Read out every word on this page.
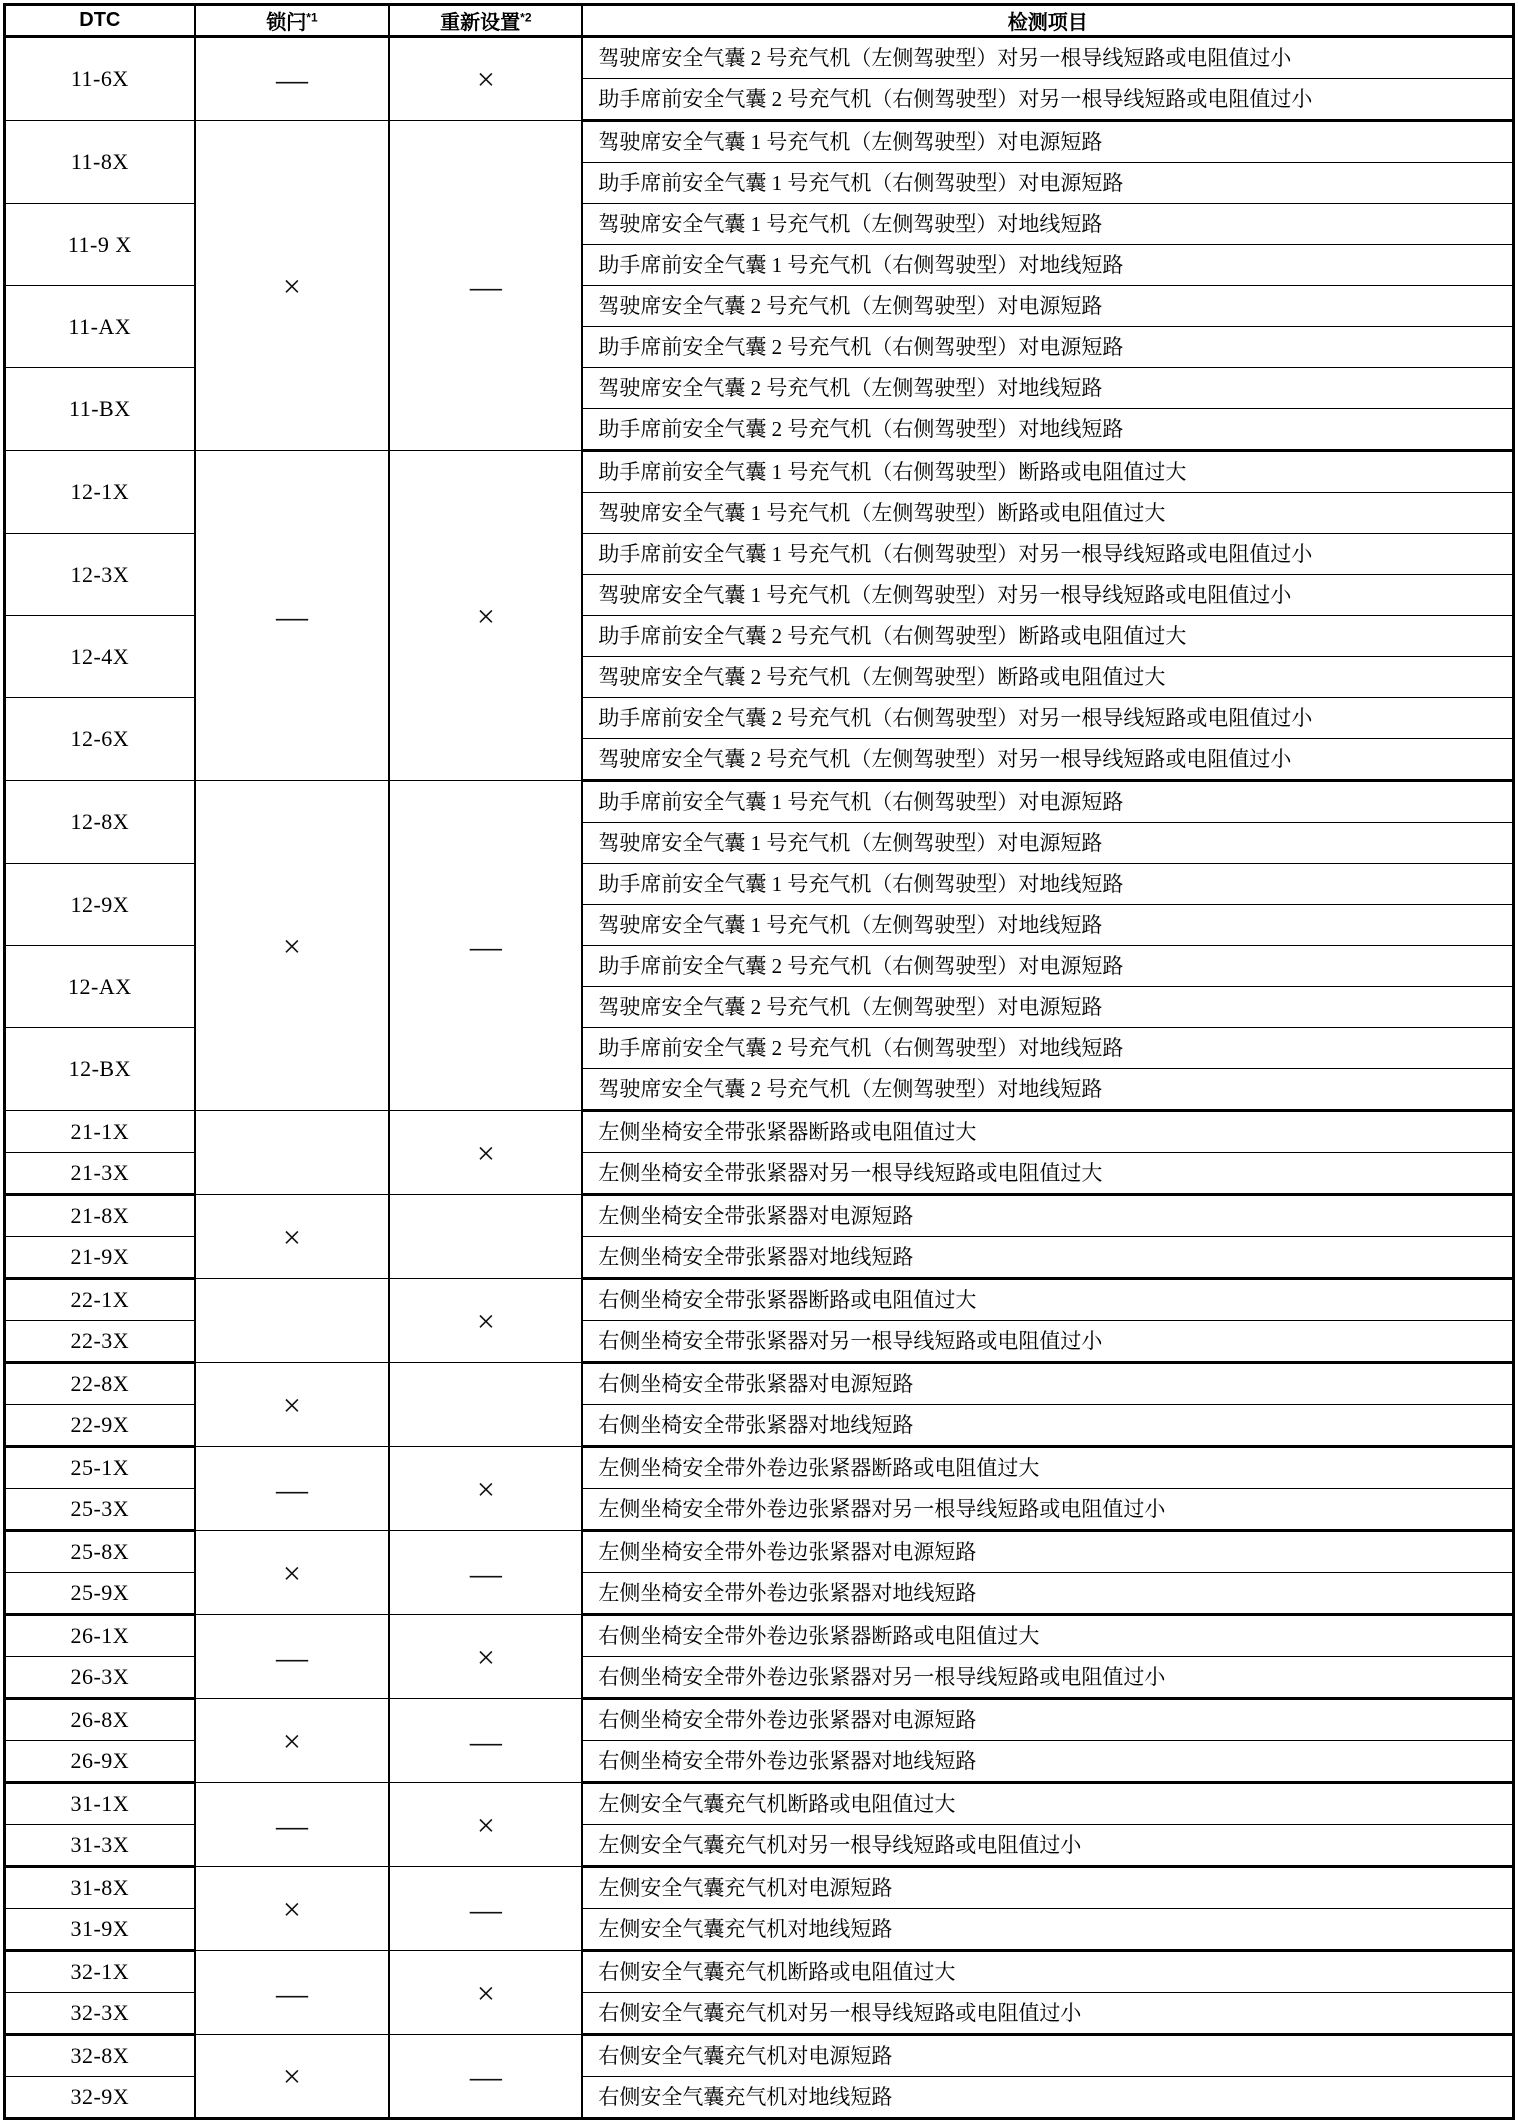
DTC	锁闩$^{*1}$	重新设置$^{*2}$	检测项目
11-6X	—	×	驾驶席安全气囊 2 号充气机（左侧驾驶型）对另一根导线短路或电阻值过小
			助手席前安全气囊 2 号充气机（右侧驾驶型）对另一根导线短路或电阻值过小
11-8X	×	—	驾驶席安全气囊 1 号充气机（左侧驾驶型）对电源短路
			助手席前安全气囊 1 号充气机（右侧驾驶型）对电源短路
11-9 X			驾驶席安全气囊 1 号充气机（左侧驾驶型）对地线短路
			助手席前安全气囊 1 号充气机（右侧驾驶型）对地线短路
11-AX			驾驶席安全气囊 2 号充气机（左侧驾驶型）对电源短路
			助手席前安全气囊 2 号充气机（右侧驾驶型）对电源短路
11-BX			驾驶席安全气囊 2 号充气机（左侧驾驶型）对地线短路
			助手席前安全气囊 2 号充气机（右侧驾驶型）对地线短路
12-1X	—	×	助手席前安全气囊 1 号充气机（右侧驾驶型）断路或电阻值过大
			驾驶席安全气囊 1 号充气机（左侧驾驶型）断路或电阻值过大
12-3X			助手席前安全气囊 1 号充气机（右侧驾驶型）对另一根导线短路或电阻值过小
			驾驶席安全气囊 1 号充气机（左侧驾驶型）对另一根导线短路或电阻值过小
12-4X			助手席前安全气囊 2 号充气机（右侧驾驶型）断路或电阻值过大
			驾驶席安全气囊 2 号充气机（左侧驾驶型）断路或电阻值过大
12-6X			助手席前安全气囊 2 号充气机（右侧驾驶型）对另一根导线短路或电阻值过小
			驾驶席安全气囊 2 号充气机（左侧驾驶型）对另一根导线短路或电阻值过小
12-8X	×	—	助手席前安全气囊 1 号充气机（右侧驾驶型）对电源短路
			驾驶席安全气囊 1 号充气机（左侧驾驶型）对电源短路
12-9X			助手席前安全气囊 1 号充气机（右侧驾驶型）对地线短路
			驾驶席安全气囊 1 号充气机（左侧驾驶型）对地线短路
12-AX			助手席前安全气囊 2 号充气机（右侧驾驶型）对电源短路
			驾驶席安全气囊 2 号充气机（左侧驾驶型）对电源短路
12-BX			助手席前安全气囊 2 号充气机（右侧驾驶型）对地线短路
			驾驶席安全气囊 2 号充气机（左侧驾驶型）对地线短路
21-1X		×	左侧坐椅安全带张紧器断路或电阻值过大
21-3X			左侧坐椅安全带张紧器对另一根导线短路或电阻值过大
21-8X	×		左侧坐椅安全带张紧器对电源短路
21-9X			左侧坐椅安全带张紧器对地线短路
22-1X		×	右侧坐椅安全带张紧器断路或电阻值过大
22-3X			右侧坐椅安全带张紧器对另一根导线短路或电阻值过小
22-8X	×		右侧坐椅安全带张紧器对电源短路
22-9X			右侧坐椅安全带张紧器对地线短路
25-1X	—	×	左侧坐椅安全带外卷边张紧器断路或电阻值过大
25-3X			左侧坐椅安全带外卷边张紧器对另一根导线短路或电阻值过小
25-8X	×	—	左侧坐椅安全带外卷边张紧器对电源短路
25-9X			左侧坐椅安全带外卷边张紧器对地线短路
26-1X	—	×	右侧坐椅安全带外卷边张紧器断路或电阻值过大
26-3X			右侧坐椅安全带外卷边张紧器对另一根导线短路或电阻值过小
26-8X	×	—	右侧坐椅安全带外卷边张紧器对电源短路
26-9X			右侧坐椅安全带外卷边张紧器对地线短路
31-1X	—	×	左侧安全气囊充气机断路或电阻值过大
31-3X			左侧安全气囊充气机对另一根导线短路或电阻值过小
31-8X	×	—	左侧安全气囊充气机对电源短路
31-9X			左侧安全气囊充气机对地线短路
32-1X	—	×	右侧安全气囊充气机断路或电阻值过大
32-3X			右侧安全气囊充气机对另一根导线短路或电阻值过小
32-8X	×	—	右侧安全气囊充气机对电源短路
32-9X			右侧安全气囊充气机对地线短路
